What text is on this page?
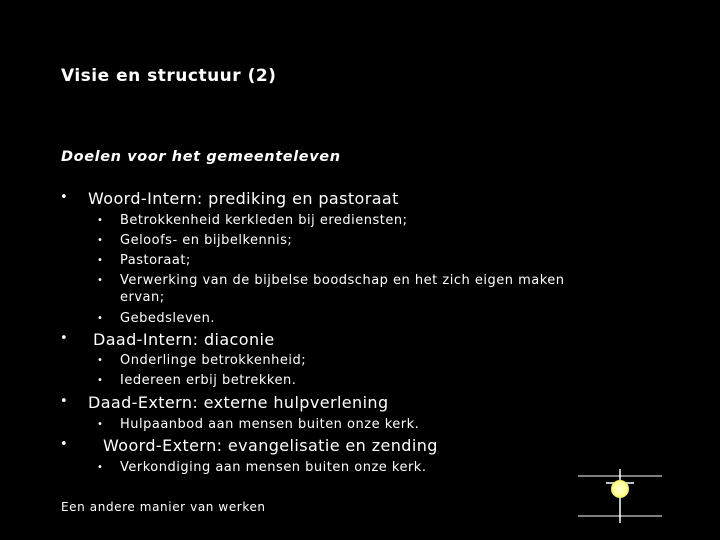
Visie en structuur (2)
Doelen voor het gemeenteleven
• Woord-Intern: prediking en pastoraat
• Betrokkenheid kerkleden bij erediensten;
• Geloofs- en bijbelkennis;
• Pastoraat;
• Verwerking van de bijbelse boodschap en het zich eigen maken
ervan;
• Gebedsleven.
• Daad-Intern: diaconie
• Onderlinge betrokkenheid;
• Iedereen erbij betrekken.
• Daad-Extern: externe hulpverlening
• Hulpaanbod aan mensen buiten onze kerk.
• Woord-Extern: evangelisatie en zending
• Verkondiging aan mensen buiten onze kerk.
Een andere manier van werken
